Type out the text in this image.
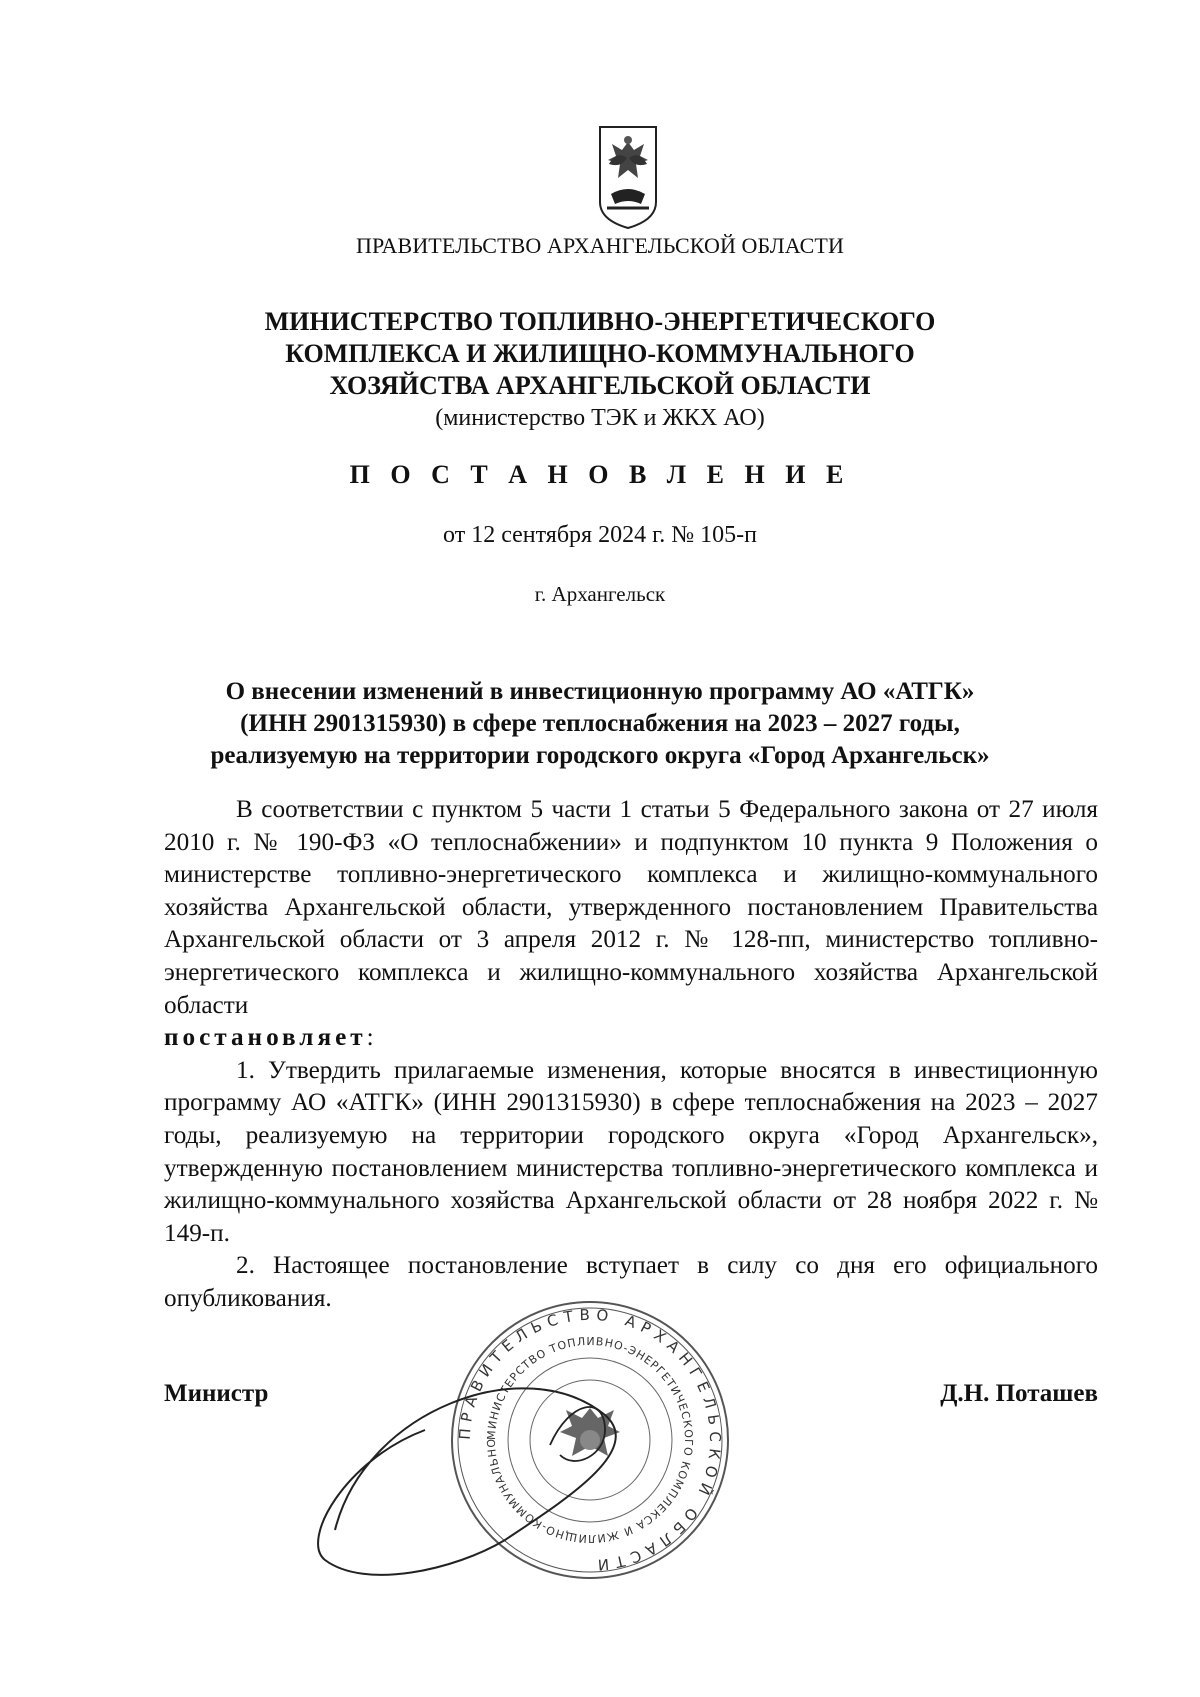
ПРАВИТЕЛЬСТВО АРХАНГЕЛЬСКОЙ ОБЛАСТИ
МИНИСТЕРСТВО ТОПЛИВНО-ЭНЕРГЕТИЧЕСКОГО
КОМПЛЕКСА И ЖИЛИЩНО-КОММУНАЛЬНОГО
ХОЗЯЙСТВА АРХАНГЕЛЬСКОЙ ОБЛАСТИ
(министерство ТЭК и ЖКХ АО)
П О С Т А Н О В Л Е Н И Е
от 12 сентября 2024 г. № 105-п
г. Архангельск
О внесении изменений в инвестиционную программу АО «АТГК»
(ИНН 2901315930) в сфере теплоснабжения на 2023 – 2027 годы,
реализуемую на территории городского округа «Город Архангельск»

В соответствии с пунктом 5 части 1 статьи 5 Федерального закона от 27 июля 2010 г. № 190-ФЗ «О теплоснабжении» и подпунктом 10 пункта 9 Положения о министерстве топливно-энергетического комплекса и жилищно-коммунального хозяйства Архангельской области, утвержденного постановлением Правительства Архангельской области от 3 апреля 2012 г. № 128-пп, министерство топливно-энергетического комплекса и жилищно-коммунального хозяйства Архангельской области
постановляет:

1. Утвердить прилагаемые изменения, которые вносятся в инвестиционную программу АО «АТГК» (ИНН 2901315930) в сфере теплоснабжения на 2023 – 2027 годы, реализуемую на территории городского округа «Город Архангельск», утвержденную постановлением министерства топливно-энергетического комплекса и жилищно-коммунального хозяйства Архангельской области от 28 ноября 2022 г. № 149-п.

2. Настоящее постановление вступает в силу со дня его официального опубликования.

ПРАВИТЕЛЬСТВО АРХАНГЕЛЬСКОЙ ОБЛАСТИ
МИНИСТЕРСТВО ТОПЛИВНО-ЭНЕРГЕТИЧЕСКОГО КОМПЛЕКСА И ЖИЛИЩНО-КОММУНАЛЬНО
Министр	Д.Н. Поташев
